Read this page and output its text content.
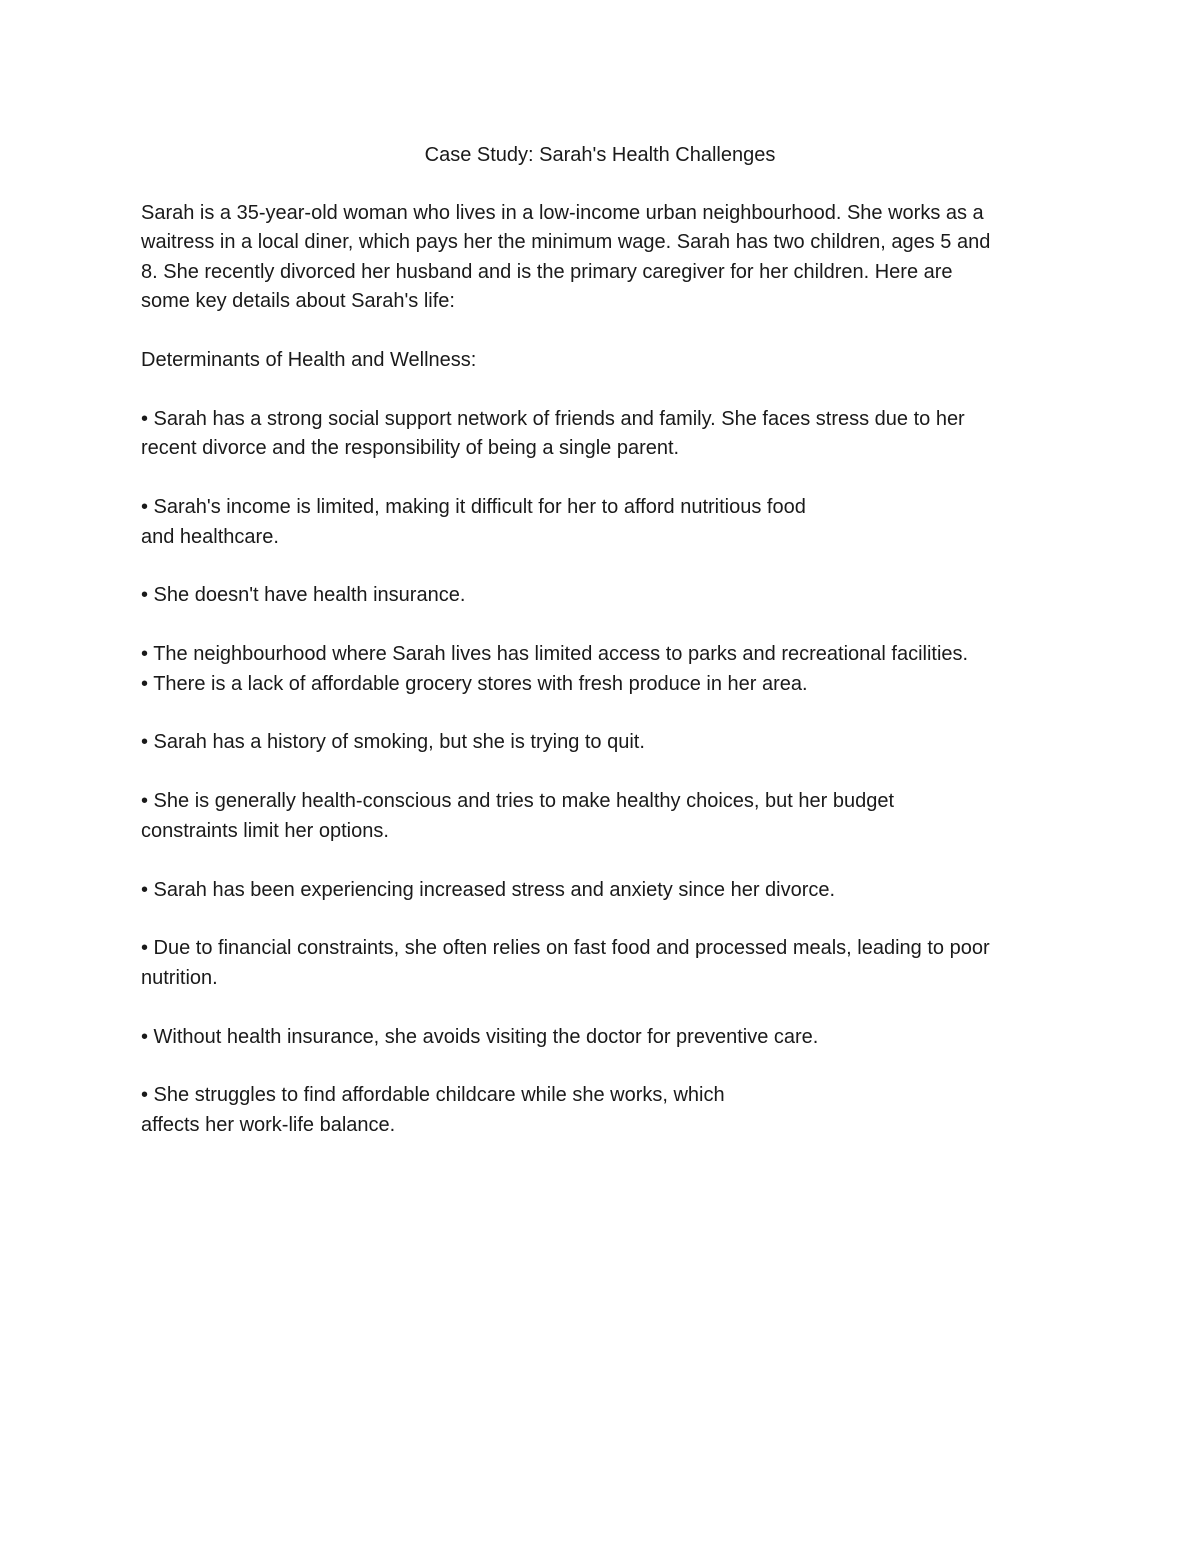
Case Study: Sarah's Health Challenges
Sarah is a 35-year-old woman who lives in a low-income urban neighbourhood. She works as a
waitress in a local diner, which pays her the minimum wage. Sarah has two children, ages 5 and
8. She recently divorced her husband and is the primary caregiver for her children. Here are
some key details about Sarah's life:
Determinants of Health and Wellness:
• Sarah has a strong social support network of friends and family. She faces stress due to her
recent divorce and the responsibility of being a single parent.
• Sarah's income is limited, making it difficult for her to afford nutritious food
and healthcare.
• She doesn't have health insurance.
• The neighbourhood where Sarah lives has limited access to parks and recreational facilities.
• There is a lack of affordable grocery stores with fresh produce in her area.
• Sarah has a history of smoking, but she is trying to quit.
• She is generally health-conscious and tries to make healthy choices, but her budget
constraints limit her options.
• Sarah has been experiencing increased stress and anxiety since her divorce.
• Due to financial constraints, she often relies on fast food and processed meals, leading to poor
nutrition.
• Without health insurance, she avoids visiting the doctor for preventive care.
• She struggles to find affordable childcare while she works, which
affects her work-life balance.
